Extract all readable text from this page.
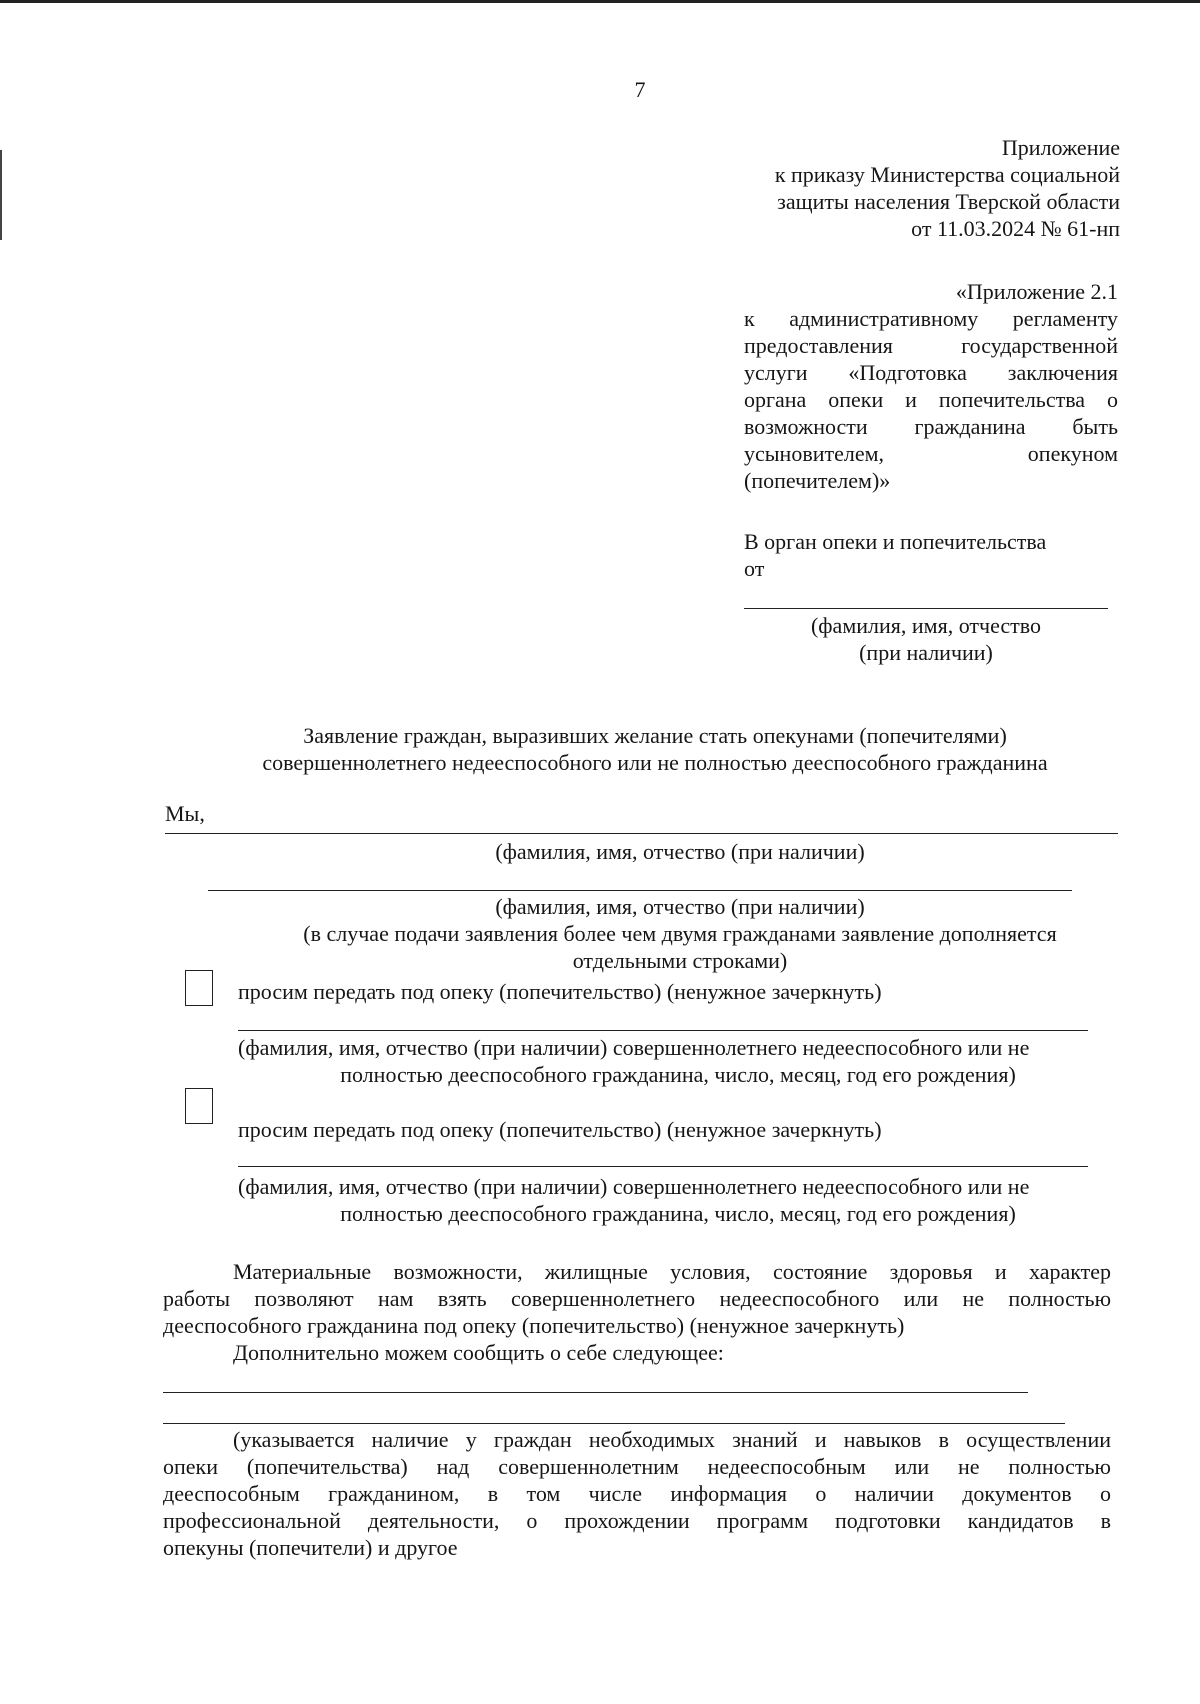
7
Приложение
к приказу Министерства социальной
защиты населения Тверской области
от 11.03.2024 № 61-нп
«Приложение 2.1
к административному регламенту
предоставления государственной
услуги «Подготовка заключения
органа опеки и попечительства о
возможности гражданина быть
усыновителем, опекуном
(попечителем)»
В орган опеки и попечительства
от
(фамилия, имя, отчество
(при наличии)
Заявление граждан, выразивших желание стать опекунами (попечителями)
совершеннолетнего недееспособного или не полностью дееспособного гражданина
Мы,
(фамилия, имя, отчество (при наличии)
(фамилия, имя, отчество (при наличии)
(в случае подачи заявления более чем двумя гражданами заявление дополняется
отдельными строками)
просим передать под опеку (попечительство) (ненужное зачеркнуть)
(фамилия, имя, отчество (при наличии) совершеннолетнего недееспособного или не
полностью дееспособного гражданина, число, месяц, год его рождения)
просим передать под опеку (попечительство) (ненужное зачеркнуть)
(фамилия, имя, отчество (при наличии) совершеннолетнего недееспособного или не
полностью дееспособного гражданина, число, месяц, год его рождения)
Материальные возможности, жилищные условия, состояние здоровья и характер
работы позволяют нам взять совершеннолетнего недееспособного или не полностью
дееспособного гражданина под опеку (попечительство) (ненужное зачеркнуть)
Дополнительно можем сообщить о себе следующее:
(указывается наличие у граждан необходимых знаний и навыков в осуществлении
опеки (попечительства) над совершеннолетним недееспособным или не полностью
дееспособным гражданином, в том числе информация о наличии документов о
профессиональной деятельности, о прохождении программ подготовки кандидатов в
опекуны (попечители) и другое
